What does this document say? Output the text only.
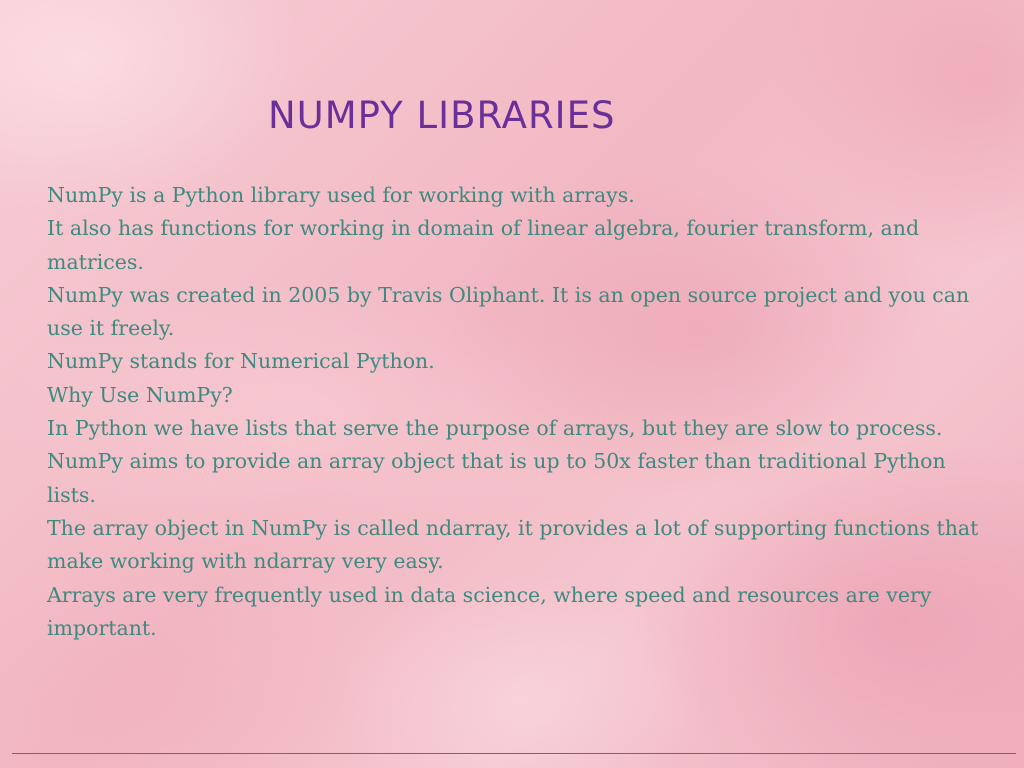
NUMPY LIBRARIES

NumPy is a Python library used for working with arrays.

It also has functions for working in domain of linear algebra, fourier transform, and matrices.

NumPy was created in 2005 by Travis Oliphant. It is an open source project and you can use it freely.

NumPy stands for Numerical Python.

Why Use NumPy?

In Python we have lists that serve the purpose of arrays, but they are slow to process.

NumPy aims to provide an array object that is up to 50x faster than traditional Python lists.

The array object in NumPy is called ndarray, it provides a lot of supporting functions that make working with ndarray very easy.

Arrays are very frequently used in data science, where speed and resources are very important.
